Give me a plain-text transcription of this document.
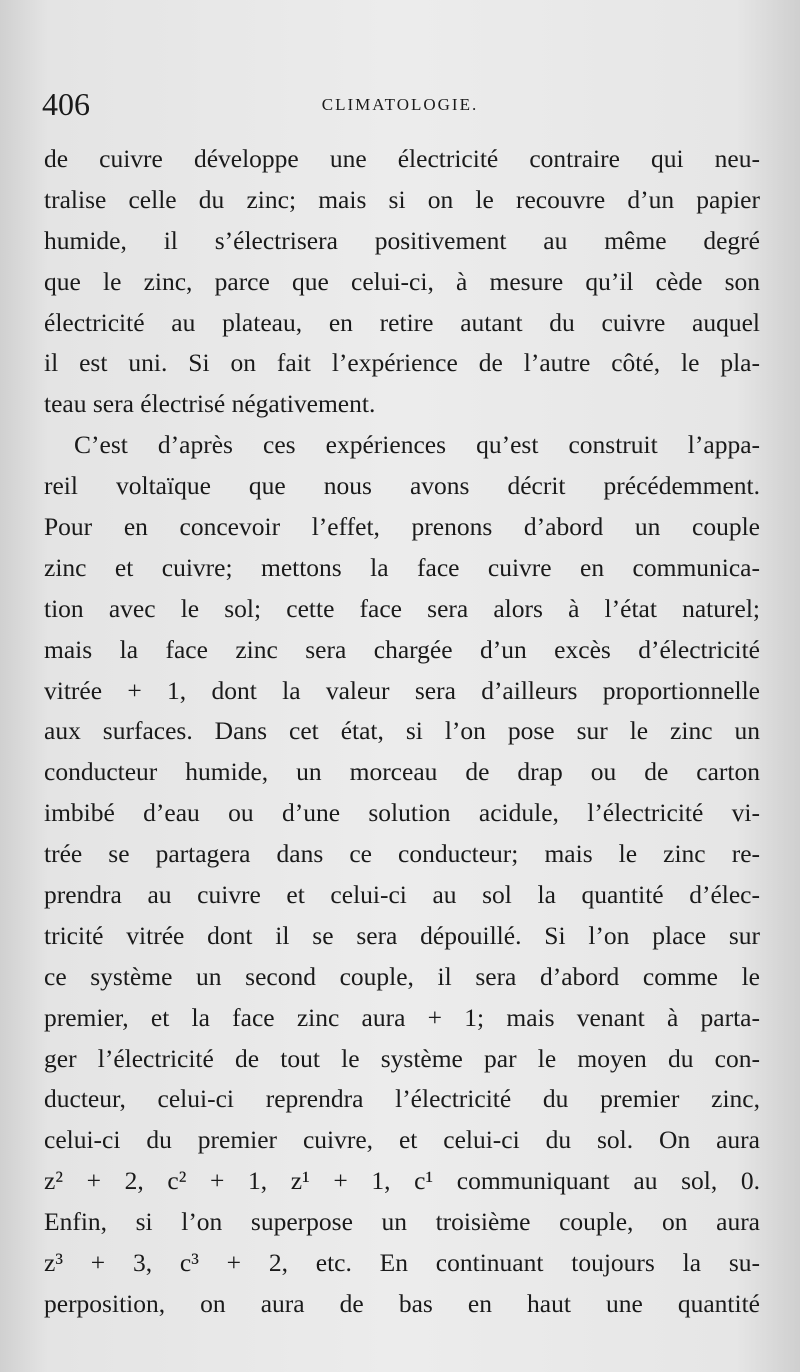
406	CLIMATOLOGIE.
de cuivre développe une électricité contraire qui neu-
tralise celle du zinc; mais si on le recouvre d’un papier
humide, il s’électrisera positivement au même degré
que le zinc, parce que celui-ci, à mesure qu’il cède son
électricité au plateau, en retire autant du cuivre auquel
il est uni. Si on fait l’expérience de l’autre côté, le pla-
teau sera électrisé négativement.
C’est d’après ces expériences qu’est construit l’appa-
reil voltaïque que nous avons décrit précédemment.
Pour en concevoir l’effet, prenons d’abord un couple
zinc et cuivre; mettons la face cuivre en communica-
tion avec le sol; cette face sera alors à l’état naturel;
mais la face zinc sera chargée d’un excès d’électricité
vitrée + 1, dont la valeur sera d’ailleurs proportionnelle
aux surfaces. Dans cet état, si l’on pose sur le zinc un
conducteur humide, un morceau de drap ou de carton
imbibé d’eau ou d’une solution acidule, l’électricité vi-
trée se partagera dans ce conducteur; mais le zinc re-
prendra au cuivre et celui-ci au sol la quantité d’élec-
tricité vitrée dont il se sera dépouillé. Si l’on place sur
ce système un second couple, il sera d’abord comme le
premier, et la face zinc aura + 1; mais venant à parta-
ger l’électricité de tout le système par le moyen du con-
ducteur, celui-ci reprendra l’électricité du premier zinc,
celui-ci du premier cuivre, et celui-ci du sol. On aura
z² + 2, c² + 1, z¹ + 1, c¹ communiquant au sol, 0.
Enfin, si l’on superpose un troisième couple, on aura
z³ + 3, c³ + 2, etc. En continuant toujours la su-
perposition, on aura de bas en haut une quantité
